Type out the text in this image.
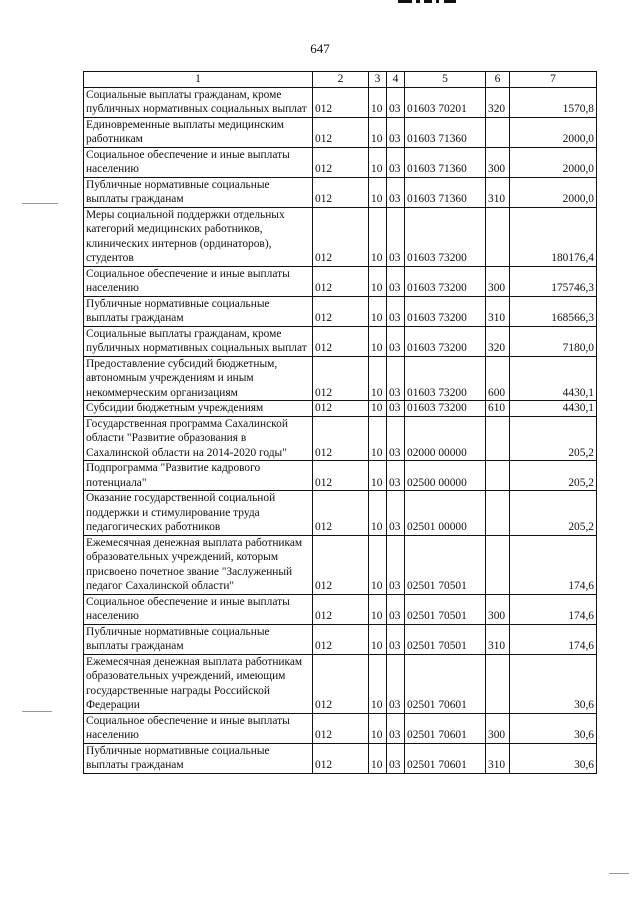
647
1	2	3	4	5	6	7
Социальные выплаты гражданам, кроме публичных нормативных социальных выплат	012	10	03	01603 70201	320	1570,8
Единовременные выплаты медицинским работникам	012	10	03	01603 71360		2000,0
Социальное обеспечение и иные выплаты населению	012	10	03	01603 71360	300	2000,0
Публичные нормативные социальные выплаты гражданам	012	10	03	01603 71360	310	2000,0
Меры социальной поддержки отдельных категорий медицинских работников, клинических интернов (ординаторов), студентов	012	10	03	01603 73200		180176,4
Социальное обеспечение и иные выплаты населению	012	10	03	01603 73200	300	175746,3
Публичные нормативные социальные выплаты гражданам	012	10	03	01603 73200	310	168566,3
Социальные выплаты гражданам, кроме публичных нормативных социальных выплат	012	10	03	01603 73200	320	7180,0
Предоставление субсидий бюджетным, автономным учреждениям и иным некоммерческим организациям	012	10	03	01603 73200	600	4430,1
Субсидии бюджетным учреждениям	012	10	03	01603 73200	610	4430,1
Государственная программа Сахалинской области "Развитие образования в Сахалинской области на 2014-2020 годы"	012	10	03	02000 00000		205,2
Подпрограмма "Развитие кадрового потенциала"	012	10	03	02500 00000		205,2
Оказание государственной социальной поддержки и стимулирование труда педагогических работников	012	10	03	02501 00000		205,2
Ежемесячная денежная выплата работникам образовательных учреждений, которым присвоено почетное звание "Заслуженный педагог Сахалинской области"	012	10	03	02501 70501		174,6
Социальное обеспечение и иные выплаты населению	012	10	03	02501 70501	300	174,6
Публичные нормативные социальные выплаты гражданам	012	10	03	02501 70501	310	174,6
Ежемесячная денежная выплата работникам образовательных учреждений, имеющим государственные награды Российской Федерации	012	10	03	02501 70601		30,6
Социальное обеспечение и иные выплаты населению	012	10	03	02501 70601	300	30,6
Публичные нормативные социальные выплаты гражданам	012	10	03	02501 70601	310	30,6
